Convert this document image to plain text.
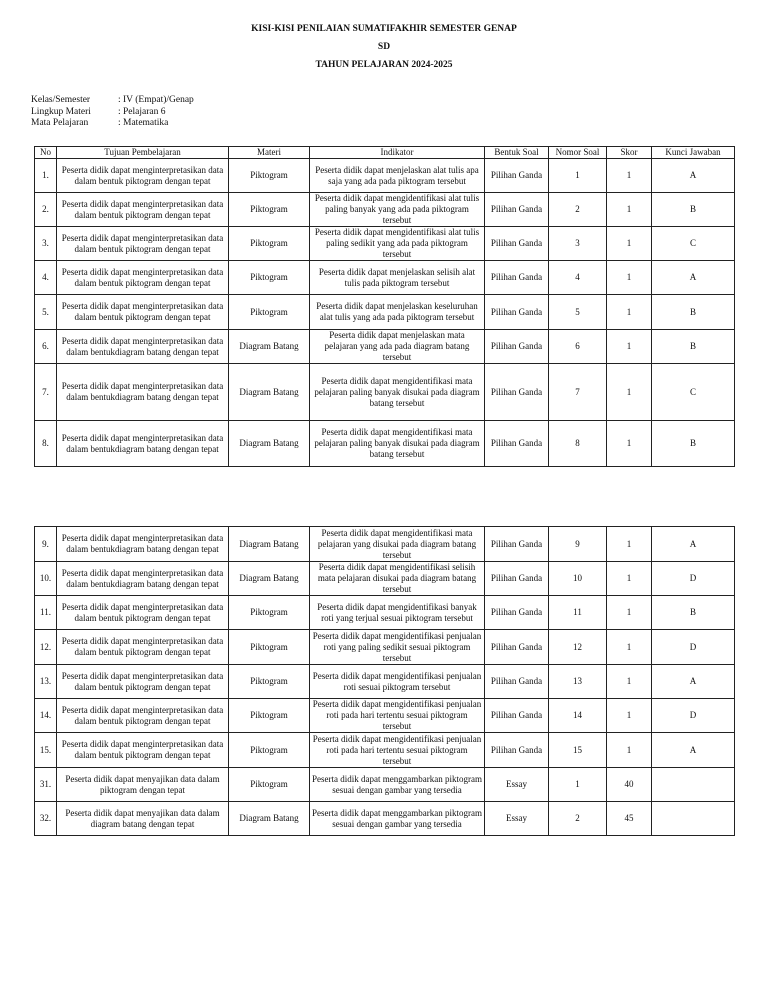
KISI-KISI PENILAIAN SUMATIFAKHIR SEMESTER GENAP
SD
TAHUN PELAJARAN 2024-2025
Kelas/Semester	: IV (Empat)/Genap
Lingkup Materi	: Pelajaran 6
Mata Pelajaran	: Matematika
No	Tujuan Pembelajaran	Materi	Indikator	Bentuk Soal	Nomor Soal	Skor	Kunci Jawaban
1.	Peserta didik dapat menginterpretasikan data dalam bentuk piktogram dengan tepat	Piktogram	Peserta didik dapat menjelaskan alat tulis apa saja yang ada pada piktogram tersebut	Pilihan Ganda	1	1	A
2.	Peserta didik dapat menginterpretasikan data dalam bentuk piktogram dengan tepat	Piktogram	Peserta didik dapat mengidentifikasi alat tulis paling banyak yang ada pada piktogram tersebut	Pilihan Ganda	2	1	B
3.	Peserta didik dapat menginterpretasikan data dalam bentuk piktogram dengan tepat	Piktogram	Peserta didik dapat mengidentifikasi alat tulis paling sedikit yang ada pada piktogram tersebut	Pilihan Ganda	3	1	C
4.	Peserta didik dapat menginterpretasikan data dalam bentuk piktogram dengan tepat	Piktogram	Peserta didik dapat menjelaskan selisih alat tulis pada piktogram tersebut	Pilihan Ganda	4	1	A
5.	Peserta didik dapat menginterpretasikan data dalam bentuk piktogram dengan tepat	Piktogram	Peserta didik dapat menjelaskan keseluruhan alat tulis yang ada pada piktogram tersebut	Pilihan Ganda	5	1	B
6.	Peserta didik dapat menginterpretasikan data dalam bentukdiagram batang dengan tepat	Diagram Batang	Peserta didik dapat menjelaskan mata pelajaran yang ada pada diagram batang tersebut	Pilihan Ganda	6	1	B
7.	Peserta didik dapat menginterpretasikan data dalam bentukdiagram batang dengan tepat	Diagram Batang	Peserta didik dapat mengidentifikasi mata pelajaran paling banyak disukai pada diagram batang tersebut	Pilihan Ganda	7	1	C
8.	Peserta didik dapat menginterpretasikan data dalam bentukdiagram batang dengan tepat	Diagram Batang	Peserta didik dapat mengidentifikasi mata pelajaran paling banyak disukai pada diagram batang tersebut	Pilihan Ganda	8	1	B
9.	Peserta didik dapat menginterpretasikan data dalam bentukdiagram batang dengan tepat	Diagram Batang	Peserta didik dapat mengidentifikasi mata pelajaran yang disukai pada diagram batang tersebut	Pilihan Ganda	9	1	A
10.	Peserta didik dapat menginterpretasikan data dalam bentukdiagram batang dengan tepat	Diagram Batang	Peserta didik dapat mengidentifikasi selisih mata pelajaran disukai pada diagram batang tersebut	Pilihan Ganda	10	1	D
11.	Peserta didik dapat menginterpretasikan data dalam bentuk piktogram dengan tepat	Piktogram	Peserta didik dapat mengidentifikasi banyak roti yang terjual sesuai piktogram tersebut	Pilihan Ganda	11	1	B
12.	Peserta didik dapat menginterpretasikan data dalam bentuk piktogram dengan tepat	Piktogram	Peserta didik dapat mengidentifikasi penjualan roti yang paling sedikit sesuai piktogram tersebut	Pilihan Ganda	12	1	D
13.	Peserta didik dapat menginterpretasikan data dalam bentuk piktogram dengan tepat	Piktogram	Peserta didik dapat mengidentifikasi penjualan roti sesuai piktogram tersebut	Pilihan Ganda	13	1	A
14.	Peserta didik dapat menginterpretasikan data dalam bentuk piktogram dengan tepat	Piktogram	Peserta didik dapat mengidentifikasi penjualan roti pada hari tertentu sesuai piktogram tersebut	Pilihan Ganda	14	1	D
15.	Peserta didik dapat menginterpretasikan data dalam bentuk piktogram dengan tepat	Piktogram	Peserta didik dapat mengidentifikasi penjualan roti pada hari tertentu sesuai piktogram tersebut	Pilihan Ganda	15	1	A
31.	Peserta didik dapat menyajikan data dalam piktogram dengan tepat	Piktogram	Peserta didik dapat menggambarkan piktogram sesuai dengan gambar yang tersedia	Essay	1	40	
32.	Peserta didik dapat menyajikan data dalam diagram batang dengan tepat	Diagram Batang	Peserta didik dapat menggambarkan piktogram sesuai dengan gambar yang tersedia	Essay	2	45	
